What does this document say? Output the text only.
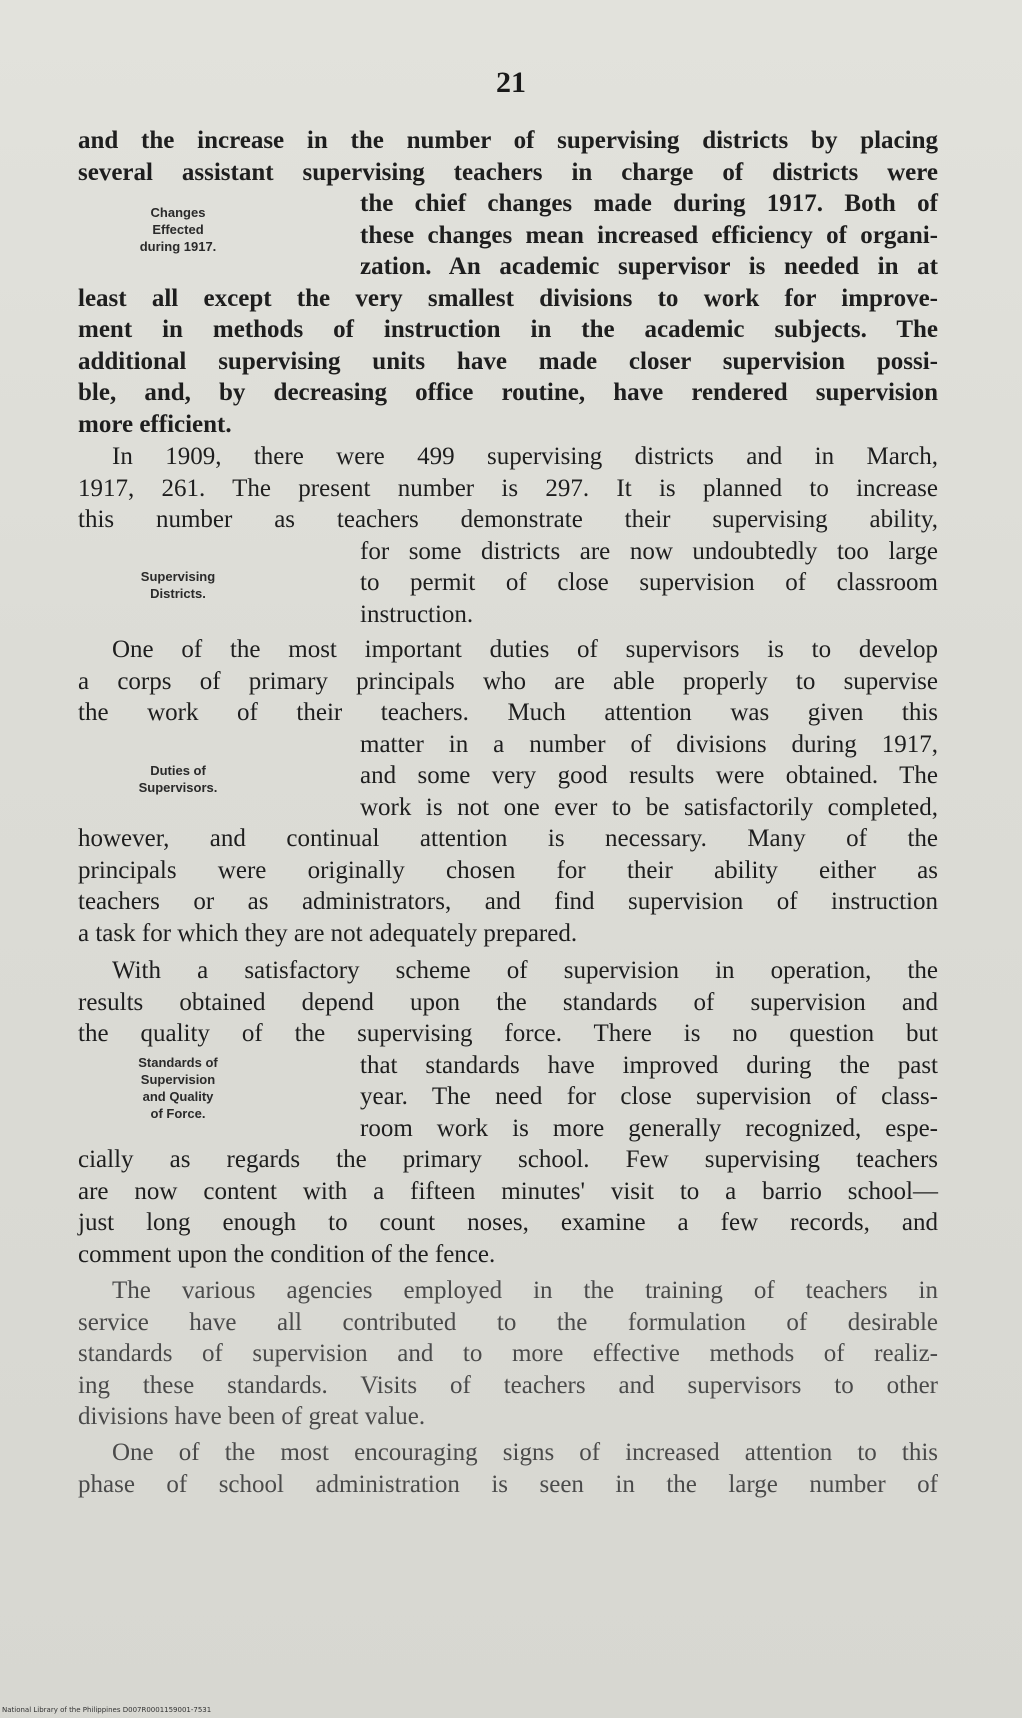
21
Changes
Effected
during 1917.
Supervising
Districts.
Duties of
Supervisors.
Standards of
Supervision
and Quality
of Force.
and the increase in the number of supervising districts by placing
several assistant supervising teachers in charge of districts were
the chief changes made during 1917. Both of
these changes mean increased efficiency of organi-
zation. An academic supervisor is needed in at
least all except the very smallest divisions to work for improve-
ment in methods of instruction in the academic subjects. The
additional supervising units have made closer supervision possi-
ble, and, by decreasing office routine, have rendered supervision
more efficient.
In 1909, there were 499 supervising districts and in March,
1917, 261. The present number is 297. It is planned to increase
this number as teachers demonstrate their supervising ability,
for some districts are now undoubtedly too large
to permit of close supervision of classroom
instruction.
One of the most important duties of supervisors is to develop
a corps of primary principals who are able properly to supervise
the work of their teachers. Much attention was given this
matter in a number of divisions during 1917,
and some very good results were obtained. The
work is not one ever to be satisfactorily completed,
however, and continual attention is necessary. Many of the
principals were originally chosen for their ability either as
teachers or as administrators, and find supervision of instruction
a task for which they are not adequately prepared.
With a satisfactory scheme of supervision in operation, the
results obtained depend upon the standards of supervision and
the quality of the supervising force. There is no question but
that standards have improved during the past
year. The need for close supervision of class-
room work is more generally recognized, espe-
cially as regards the primary school. Few supervising teachers
are now content with a fifteen minutes' visit to a barrio school—
just long enough to count noses, examine a few records, and
comment upon the condition of the fence.
The various agencies employed in the training of teachers in
service have all contributed to the formulation of desirable
standards of supervision and to more effective methods of realiz-
ing these standards. Visits of teachers and supervisors to other
divisions have been of great value.
One of the most encouraging signs of increased attention to this
phase of school administration is seen in the large number of
National Library of the Philippines D007R0001159001-7531
